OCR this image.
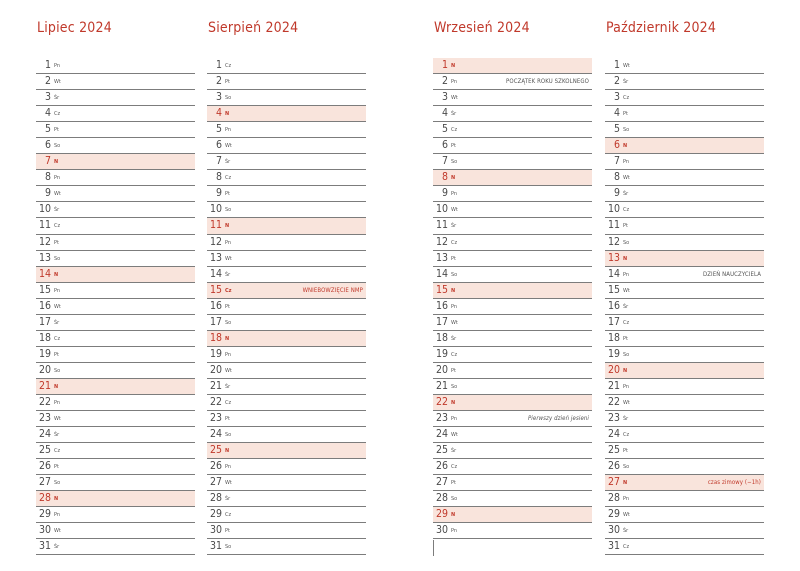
Lipiec 2024
1 Pn
2 Wt
3 Śr
4 Cz
5 Pt
6 So
7 N
8 Pn
9 Wt
10 Śr
11 Cz
12 Pt
13 So
14 N
15 Pn
16 Wt
17 Śr
18 Cz
19 Pt
20 So
21 N
22 Pn
23 Wt
24 Śr
25 Cz
26 Pt
27 So
28 N
29 Pn
30 Wt
31 Śr
Sierpień 2024
1 Cz
2 Pt
3 So
4 N
5 Pn
6 Wt
7 Śr
8 Cz
9 Pt
10 So
11 N
12 Pn
13 Wt
14 Śr
15 Cz	WNIEBOWZIĘCIE NMP
16 Pt
17 So
18 N
19 Pn
20 Wt
21 Śr
22 Cz
23 Pt
24 So
25 N
26 Pn
27 Wt
28 Śr
29 Cz
30 Pt
31 So
Wrzesień 2024
1 N
2 Pn	POCZĄTEK ROKU SZKOLNEGO
3 Wt
4 Śr
5 Cz
6 Pt
7 So
8 N
9 Pn
10 Wt
11 Śr
12 Cz
13 Pt
14 So
15 N
16 Pn
17 Wt
18 Śr
19 Cz
20 Pt
21 So
22 N
23 Pn	Pierwszy dzień jesieni
24 Wt
25 Śr
26 Cz
27 Pt
28 So
29 N
30 Pn
Październik 2024
1 Wt
2 Śr
3 Cz
4 Pt
5 So
6 N
7 Pn
8 Wt
9 Śr
10 Cz
11 Pt
12 So
13 N
14 Pn	DZIEŃ NAUCZYCIELA
15 Wt
16 Śr
17 Cz
18 Pt
19 So
20 N
21 Pn
22 Wt
23 Śr
24 Cz
25 Pt
26 So
27 N	czas zimowy (−1h)
28 Pn
29 Wt
30 Śr
31 Cz
